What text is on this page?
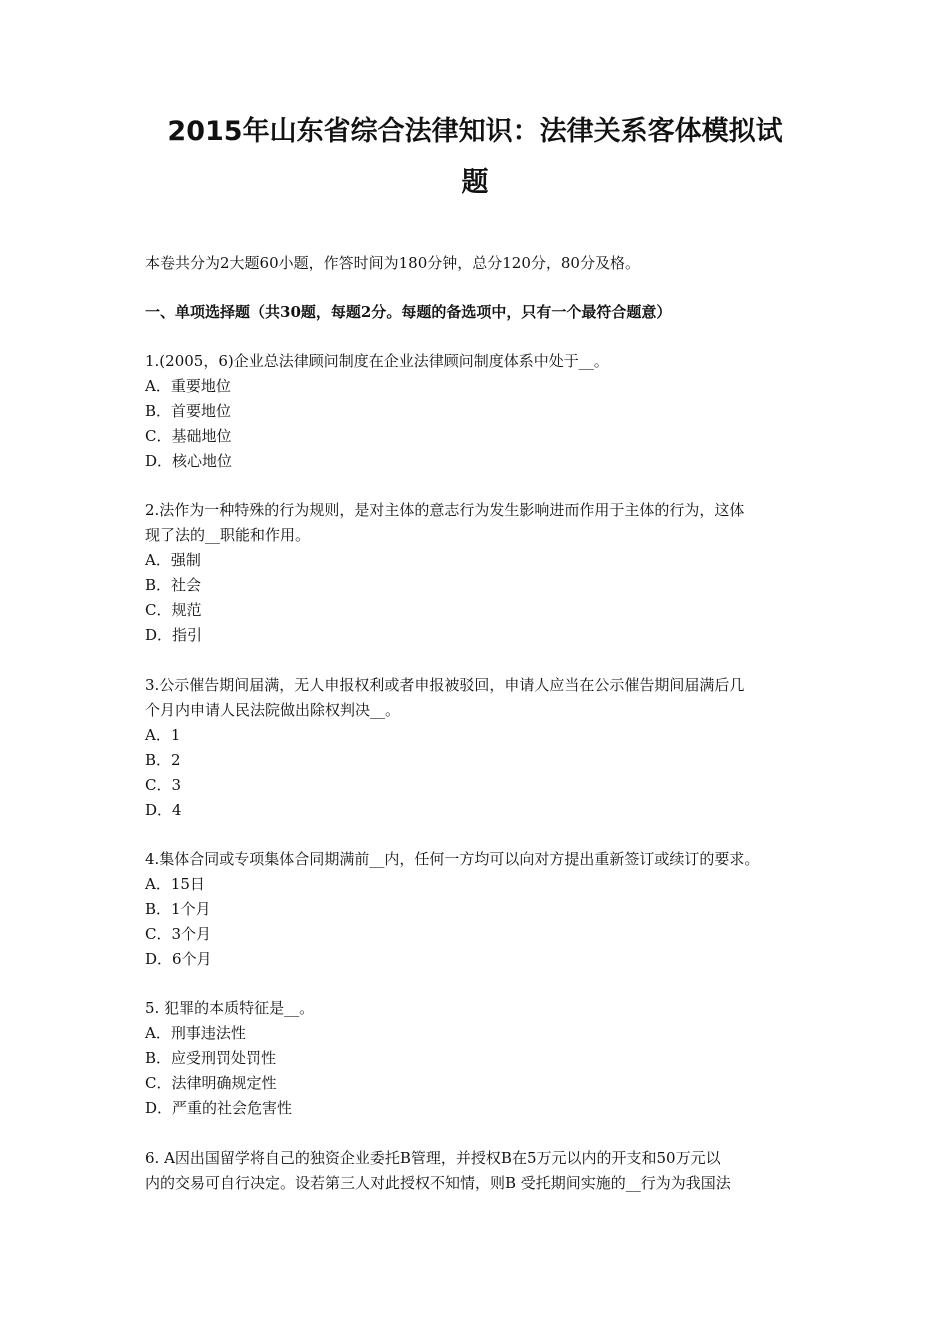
2015年山东省综合法律知识：法律关系客体模拟试
题
本卷共分为2大题60小题，作答时间为180分钟，总分120分，80分及格。
一、单项选择题（共30题，每题2分。每题的备选项中，只有一个最符合题意）
1.(2005，6)企业总法律顾问制度在企业法律顾问制度体系中处于__。
A．重要地位
B．首要地位
C．基础地位
D．核心地位
2.法作为一种特殊的行为规则，是对主体的意志行为发生影响进而作用于主体的行为，这体
现了法的__职能和作用。
A．强制
B．社会
C．规范
D．指引
3.公示催告期间届满，无人申报权利或者申报被驳回，申请人应当在公示催告期间届满后几
个月内申请人民法院做出除权判决__。
A．1
B．2
C．3
D．4
4.集体合同或专项集体合同期满前__内，任何一方均可以向对方提出重新签订或续订的要求。
A．15日
B．1个月
C．3个月
D．6个月
5. 犯罪的本质特征是__。
A．刑事违法性
B．应受刑罚处罚性
C．法律明确规定性
D．严重的社会危害性
6. A因出国留学将自己的独资企业委托B管理，并授权B在5万元以内的开支和50万元以
内的交易可自行决定。设若第三人对此授权不知情，则B 受托期间实施的__行为为我国法
